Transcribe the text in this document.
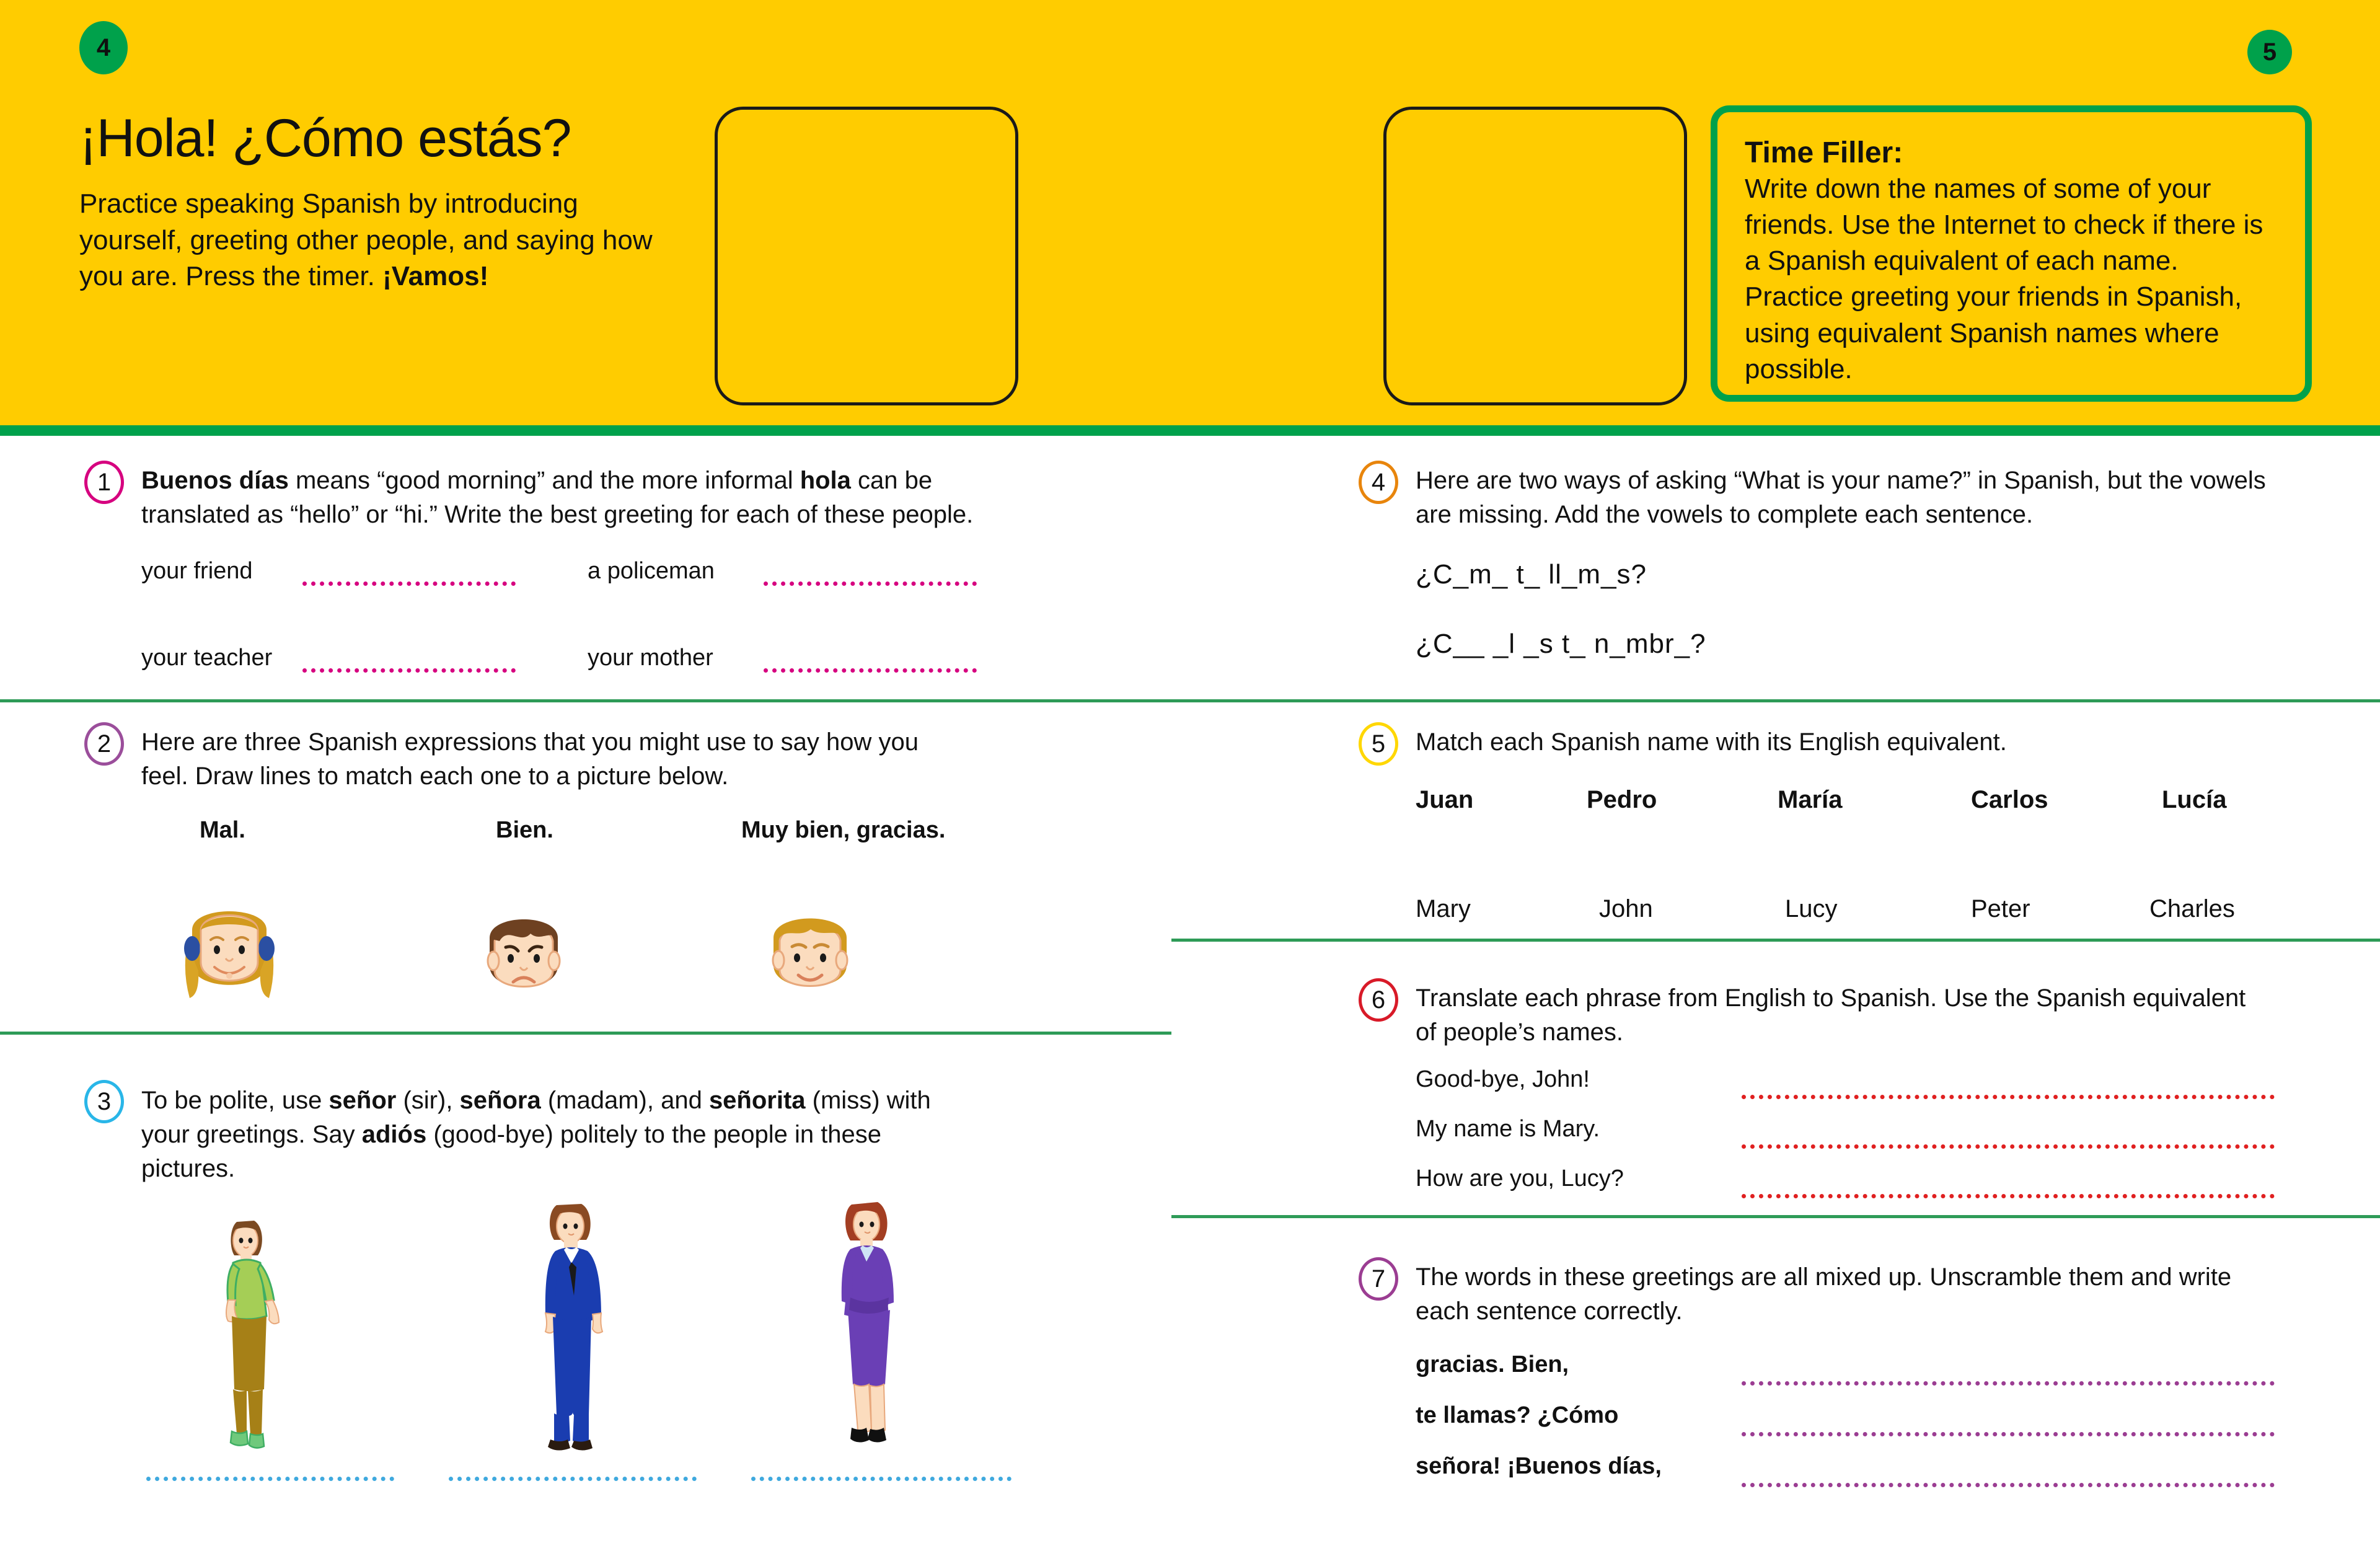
4	5
¡Hola! ¿Cómo estás?
Practice speaking Spanish by introducing yourself, greeting other people, and saying how you are. Press the timer. ¡Vamos!
Time Filler:
Write down the names of some of your friends. Use the Internet to check if there is a Spanish equivalent of each name. Practice greeting your friends in Spanish, using equivalent Spanish names where possible.
1 Buenos días means “good morning” and the more informal hola can be translated as “hello” or “hi.” Write the best greeting for each of these people.
your friend	a policeman
your teacher	your mother
2 Here are three Spanish expressions that you might use to say how you feel. Draw lines to match each one to a picture below.
Mal.	Bien.	Muy bien, gracias.
3 To be polite, use señor (sir), señora (madam), and señorita (miss) with your greetings. Say adiós (good-bye) politely to the people in these pictures.
4 Here are two ways of asking “What is your name?” in Spanish, but the vowels are missing. Add the vowels to complete each sentence.
¿C_m_ t_ ll_m_s?
¿C__ _l _s t_ n_mbr_?
5 Match each Spanish name with its English equivalent.
Juan	Pedro	María	Carlos	Lucía
Mary	John	Lucy	Peter	Charles
6 Translate each phrase from English to Spanish. Use the Spanish equivalent of people’s names.
Good-bye, John!
My name is Mary.
How are you, Lucy?
7 The words in these greetings are all mixed up. Unscramble them and write each sentence correctly.
gracias. Bien,
te llamas? ¿Cómo
señora! ¡Buenos días,
